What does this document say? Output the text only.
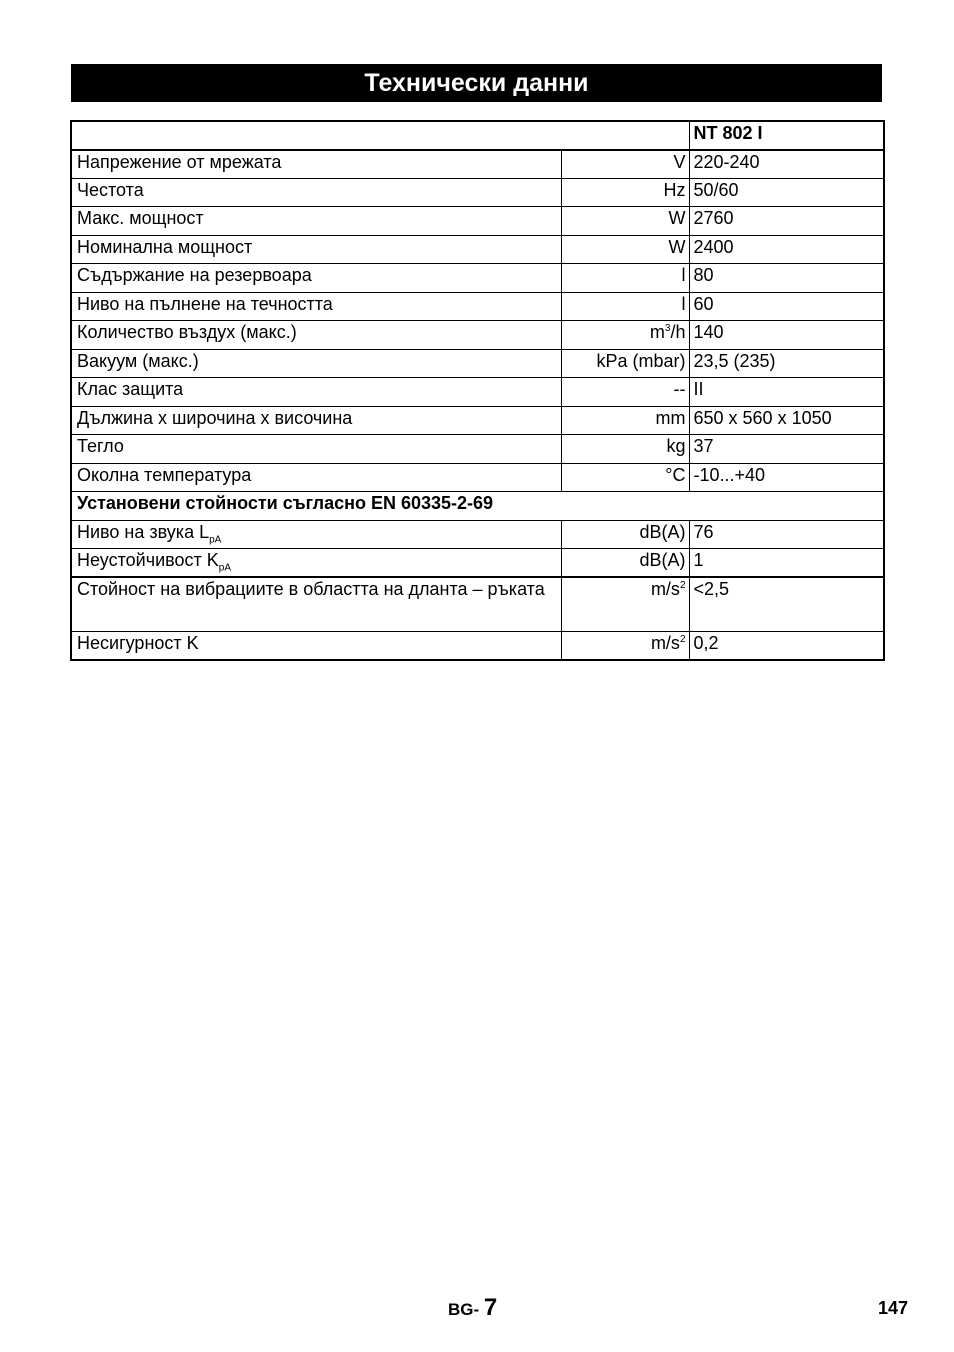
Технически данни
		NT 802 I
Напрежение от мрежата	V	220-240
Честота	Hz	50/60
Макс. мощност	W	2760
Номинална мощност	W	2400
Съдържание на резервоара	l	80
Ниво на пълнене на течността	l	60
Количество въздух (макс.)	$m^3/h$	140
Вакуум (макс.)	kPa (mbar)	23,5 (235)
Клас защита	--	II
Дължина x широчина x височина	mm	650 x 560 x 1050
Тегло	kg	37
Околна температура	°C	-10...+40
Установени стойности съгласно EN 60335-2-69		
Ниво на звука $L_{pA}$	dB(A)	76
Неустойчивост $K_{pA}$	dB(A)	1
Стойност на вибрациите в областта на дланта – ръката	$m/s^2$	<2,5
Несигурност K	$m/s^2$	0,2
BG- 7	147
